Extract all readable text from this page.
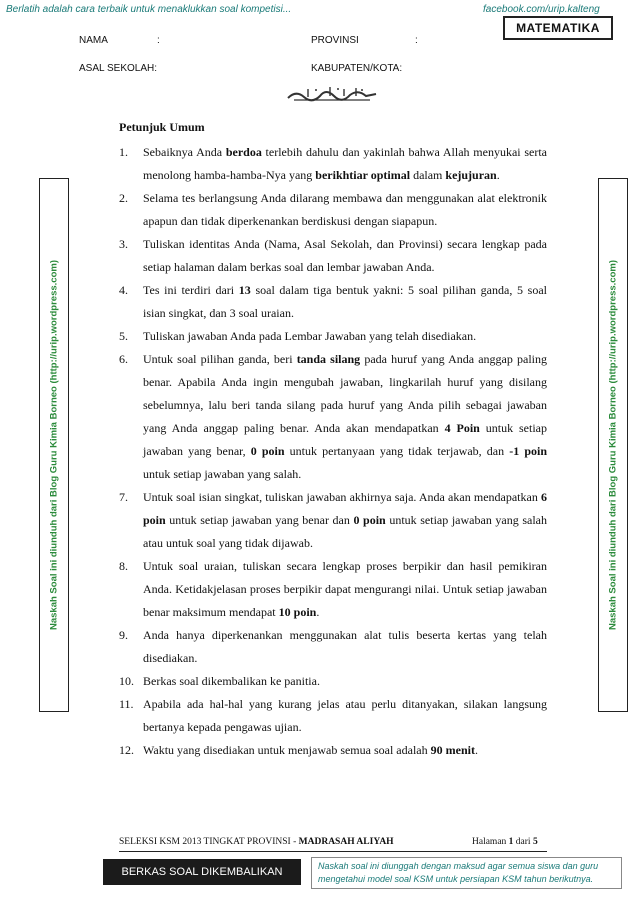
Berlatih adalah cara terbaik untuk menaklukkan soal kompetisi...	facebook.com/urip.kalteng
MATEMATIKA
NAMA	:	PROVINSI	:
ASAL SEKOLAH:	KABUPATEN/KOTA:
Naskah Soal ini diunduh dari Blog Guru Kimia Borneo (http://urip.wordpress.com)	Naskah Soal ini diunduh dari Blog Guru Kimia Borneo (http://urip.wordpress.com)
Petunjuk Umum
1. Sebaiknya Anda berdoa terlebih dahulu dan yakinlah bahwa Allah menyukai serta menolong hamba-hamba-Nya yang berikhtiar optimal dalam kejujuran.
2. Selama tes berlangsung Anda dilarang membawa dan menggunakan alat elektronik apapun dan tidak diperkenankan berdiskusi dengan siapapun.
3. Tuliskan identitas Anda (Nama, Asal Sekolah, dan Provinsi) secara lengkap pada setiap halaman dalam berkas soal dan lembar jawaban Anda.
4. Tes ini terdiri dari 13 soal dalam tiga bentuk yakni: 5 soal pilihan ganda, 5 soal isian singkat, dan 3 soal uraian.
5. Tuliskan jawaban Anda pada Lembar Jawaban yang telah disediakan.
6. Untuk soal pilihan ganda, beri tanda silang pada huruf yang Anda anggap paling benar. Apabila Anda ingin mengubah jawaban, lingkarilah huruf yang disilang sebelumnya, lalu beri tanda silang pada huruf yang Anda pilih sebagai jawaban yang Anda anggap paling benar. Anda akan mendapatkan 4 Poin untuk setiap jawaban yang benar, 0 poin untuk pertanyaan yang tidak terjawab, dan -1 poin untuk setiap jawaban yang salah.
7. Untuk soal isian singkat, tuliskan jawaban akhirnya saja. Anda akan mendapatkan 6 poin untuk setiap jawaban yang benar dan 0 poin untuk setiap jawaban yang salah atau untuk soal yang tidak dijawab.
8. Untuk soal uraian, tuliskan secara lengkap proses berpikir dan hasil pemikiran Anda. Ketidakjelasan proses berpikir dapat mengurangi nilai. Untuk setiap jawaban benar maksimum mendapat 10 poin.
9. Anda hanya diperkenankan menggunakan alat tulis beserta kertas yang telah disediakan.
10. Berkas soal dikembalikan ke panitia.
11. Apabila ada hal-hal yang kurang jelas atau perlu ditanyakan, silakan langsung bertanya kepada pengawas ujian.
12. Waktu yang disediakan untuk menjawab semua soal adalah 90 menit.
SELEKSI KSM 2013 TINGKAT PROVINSI - MADRASAH ALIYAH	Halaman 1 dari 5
BERKAS SOAL DIKEMBALIKAN	Naskah soal ini diunggah dengan maksud agar semua siswa dan guru mengetahui model soal KSM untuk persiapan KSM tahun berikutnya.
